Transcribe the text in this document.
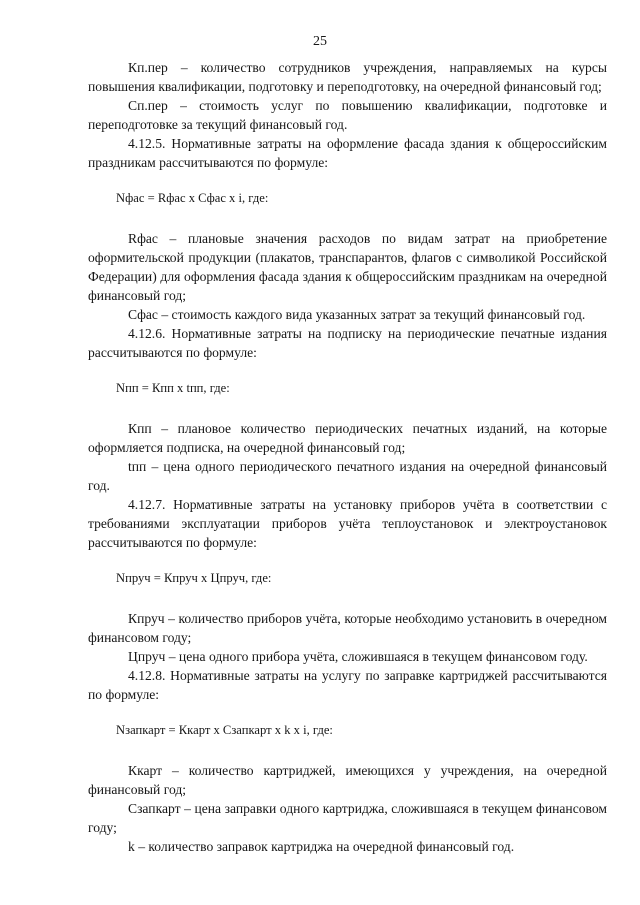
25

Кп.пер – количество сотрудников учреждения, направляемых на курсы повышения квалификации, подготовку и переподготовку, на очередной финансовый год;

Сп.пер – стоимость услуг по повышению квалификации, подготовке и переподготовке за текущий финансовый год.

4.12.5. Нормативные затраты на оформление фасада здания к общероссийским праздникам рассчитываются по формуле:

Nфас = Rфас x Сфас x i, где:

Rфас – плановые значения расходов по видам затрат на приобретение оформительской продукции (плакатов, транспарантов, флагов с символикой Российской Федерации) для оформления фасада здания к общероссийским праздникам на очередной финансовый год;

Сфас – стоимость каждого вида указанных затрат за текущий финансовый год.

4.12.6. Нормативные затраты на подписку на периодические печатные издания рассчитываются по формуле:

Nпп = Кпп x tпп, где:

Кпп – плановое количество периодических печатных изданий, на которые оформляется подписка, на очередной финансовый год;

tпп – цена одного периодического печатного издания на очередной финансовый год.

4.12.7. Нормативные затраты на установку приборов учёта в соответствии с требованиями эксплуатации приборов учёта теплоустановок и электроустановок рассчитываются по формуле:

Nпруч = Кпруч x Цпруч, где:

Кпруч – количество приборов учёта, которые необходимо установить в очередном финансовом году;

Цпруч – цена одного прибора учёта, сложившаяся в текущем финансовом году.

4.12.8. Нормативные затраты на услугу по заправке картриджей рассчитываются по формуле:

Nзапкарт = Ккарт x Сзапкарт x k x i, где:

Ккарт – количество картриджей, имеющихся у учреждения, на очередной финансовый год;

Сзапкарт – цена заправки одного картриджа, сложившаяся в текущем финансовом году;

k – количество заправок картриджа на очередной финансовый год.
